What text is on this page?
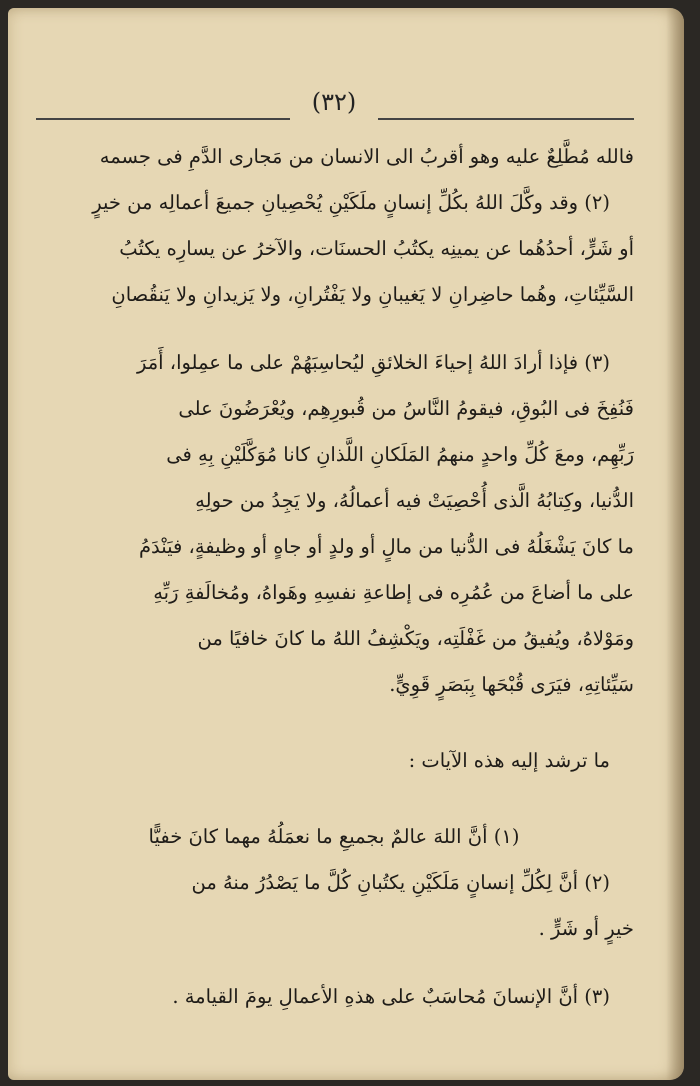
(٣٢)
فالله مُطَّلِعٌ عليه وهو أقربُ الى الانسان من مَجارى الدَّمِ فى جسمه
(٢) وقد وكَّلَ اللهُ بكُلِّ إنسانٍ ملَكَيْنِ يُحْصِيانِ جميعَ أعمالِه من خيرٍ
أو شَرٍّ، أحدُهُما عن يمينِه يكتُبُ الحسنَات، والآخرُ عن يسارِه يكتُبُ
السَّيِّئاتِ، وهُما حاضِرانِ لا يَغيبانِ ولا يَفْتُرانِ، ولا يَزيدانِ ولا يَنقُصانِ
(٣) فإذا أرادَ اللهُ إحياءَ الخلائقِ ليُحاسِبَهُمْ على ما عمِلوا، أَمَرَ
فَنُفِخَ فى البُوقِ، فيقومُ النَّاسُ من قُبورِهِم، ويُعْرَضُونَ على
رَبِّهِم، ومعَ كُلِّ واحدٍ منهمُ المَلَكانِ اللَّذانِ كانا مُوَكَّلَيْنِ بِهِ فى
الدُّنيا، وكِتابُهُ الَّذى أُحْصِيَتْ فيه أعمالُهُ، ولا يَجِدُ من حولِهِ
ما كانَ يَشْغَلُهُ فى الدُّنيا من مالٍ أو ولدٍ أو جاهٍ أو وظيفةٍ، فيَنْدَمُ
على ما أضاعَ من عُمُرِه فى إطاعةِ نفسِهِ وهَواهُ، ومُخالَفةِ رَبِّهِ
ومَوْلاهُ، ويُفيقُ من غَفْلَتِه، ويَكْشِفُ اللهُ ما كانَ خافيًا من
سَيِّئاتِهِ، فيَرَى قُبْحَها بِبَصَرٍ قَوِيٍّ.
ما ترشد إليه هذه الآيات :
(١) أنَّ اللهَ عالمٌ بجميعِ ما نعمَلُهُ مهما كانَ خفيًّا
(٢) أنَّ لِكُلِّ إنسانٍ مَلَكَيْنِ يكتُبانِ كُلَّ ما يَصْدُرُ منهُ من
خيرٍ أو شَرٍّ .
(٣) أنَّ الإنسانَ مُحاسَبٌ على هذهِ الأعمالِ يومَ القيامة .
